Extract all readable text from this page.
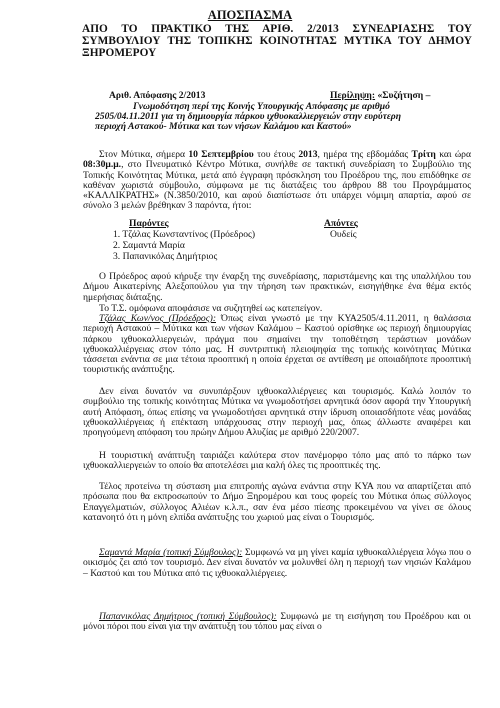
ΑΠΟΣΠΑΣΜΑ
ΑΠΟ ΤΟ ΠΡΑΚΤΙΚΟ ΤΗΣ ΑΡΙΘ. 2/2013 ΣΥΝΕΔΡΙΑΣΗΣ ΤΟΥ
ΣΥΜΒΟΥΛΙΟΥ ΤΗΣ ΤΟΠΙΚΗΣ ΚΟΙΝΟΤΗΤΑΣ ΜΥΤΙΚΑ ΤΟΥ ΔΗΜΟΥ
ΞΗΡΟΜΕΡΟΥ
Αριθ. Απόφασης 2/2013	Περίληψη: «Συζήτηση –
Γνωμοδότηση περί της Κοινής Υπουργικής Απόφασης με αριθμό
2505/04.11.2011 για τη δημιουργία πάρκου ιχθυοκαλλιεργειών στην ευρύτερη
περιοχή Αστακού- Μύτικα και των νήσων Καλάμου και Καστού»
Στον Μύτικα, σήμερα 10 Σεπτεμβρίου του έτους 2013, ημέρα της εβδομάδας Τρίτη και ώρα 08:30μ.μ., στο Πνευματικό Κέντρο Μύτικα, συνήλθε σε τακτική συνεδρίαση το Συμβούλιο της Τοπικής Κοινότητας Μύτικα, μετά από έγγραφη πρόσκληση του Προέδρου της, που επιδόθηκε σε καθέναν χωριστά σύμβουλο, σύμφωνα με τις διατάξεις του άρθρου 88 του Προγράμματος «ΚΑΛΛΙΚΡΑΤΗΣ» (Ν.3850/2010, και αφού διαπίστωσε ότι υπάρχει νόμιμη απαρτία, αφού σε σύνολο 3 μελών βρέθηκαν 3 παρόντα, ήτοι:
Παρόντες	Απόντες
1. Τζάλας Κωνσταντίνος (Πρόεδρος)	Ουδείς
2. Σαμαντά Μαρία
3. Παπανικόλας Δημήτριος
Ο Πρόεδρος αφού κήρυξε την έναρξη της συνεδρίασης, παριστάμενης και της υπαλλήλου του Δήμου Αικατερίνης Αλεξοπούλου για την τήρηση των πρακτικών, εισηγήθηκε ένα θέμα εκτός ημερήσιας διάταξης.
Το Τ.Σ. ομόφωνα αποφάσισε να συζητηθεί ως κατεπείγον.
Τζάλας Κων/νος (Πρόεδρος): Όπως είναι γνωστό με την ΚΥΑ2505/4.11.2011, η θαλάσσια περιοχή Αστακού – Μύτικα και των νήσων Καλάμου – Καστού ορίσθηκε ως περιοχή δημιουργίας πάρκου ιχθυοκαλλιεργειών, πράγμα που σημαίνει την τοποθέτηση τεράστιων μονάδων ιχθυοκαλλιέργειας στον τόπο μας. Η συντριπτική πλειοψηφία της τοπικής κοινότητας Μύτικα τάσσεται ενάντια σε μια τέτοια προοπτική η οποία έρχεται σε αντίθεση με οποιαδήποτε προοπτική τουριστικής ανάπτυξης.
Δεν είναι δυνατόν να συνυπάρξουν ιχθυοκαλλιέργειες και τουρισμός. Καλώ λοιπόν το συμβούλιο της τοπικής κοινότητας Μύτικα να γνωμοδοτήσει αρνητικά όσον αφορά την Υπουργική αυτή Απόφαση, όπως επίσης να γνωμοδοτήσει αρνητικά στην ίδρυση οποιασδήποτε νέας μονάδας ιχθυοκαλλιέργειας ή επέκταση υπάρχουσας στην περιοχή μας, όπως άλλωστε αναφέρει και προηγούμενη απόφαση του πρώην Δήμου Αλυζίας με αριθμό 220/2007.
Η τουριστική ανάπτυξη ταιριάζει καλύτερα στον πανέμορφο τόπο μας από το πάρκο των ιχθυοκαλλιεργειών το οποίο θα αποτελέσει μια καλή όλες τις προοπτικές της.
Τέλος προτείνω τη σύσταση μια επιτροπής αγώνα ενάντια στην ΚΥΑ που να απαρτίζεται από πρόσωπα που θα εκπροσωπούν το Δήμο Ξηρομέρου και τους φορείς του Μύτικα όπως σύλλογος Επαγγελματιών, σύλλογος Αλιέων κ.λ.π., σαν ένα μέσο πίεσης προκειμένου να γίνει σε όλους κατανοητό ότι η μόνη ελπίδα ανάπτυξης του χωριού μας είναι ο Τουρισμός.
Σαμαντά Μαρία (τοπική Σύμβουλος): Συμφωνώ να μη γίνει καμία ιχθυοκαλλιέργεια λόγω που ο οικισμός ζει από τον τουρισμό. Δεν είναι δυνατόν να μολυνθεί όλη η περιοχή των νησιών Καλάμου – Καστού και του Μύτικα από τις ιχθυοκαλλιέργειες.
Παπανικόλας Δημήτριος (τοπική Σύμβουλος): Συμφωνώ με τη εισήγηση του Προέδρου και οι μόνοι πόροι που είναι για την ανάπτυξη του τόπου μας είναι ο
